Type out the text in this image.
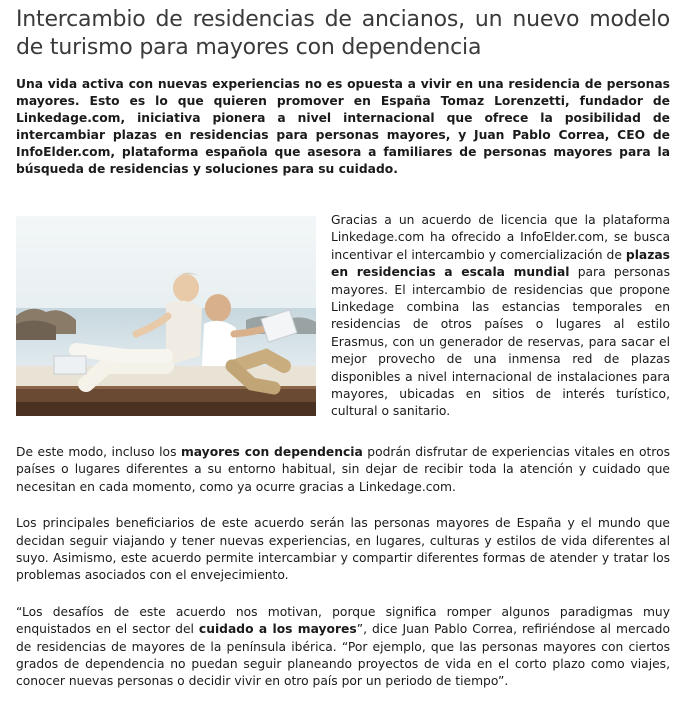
Intercambio de residencias de ancianos, un nuevo modelo de turismo para mayores con dependencia

Una vida activa con nuevas experiencias no es opuesta a vivir en una residencia de personas mayores. Esto es lo que quieren promover en España Tomaz Lorenzetti, fundador de Linkedage.com, iniciativa pionera a nivel internacional que ofrece la posibilidad de intercambiar plazas en residencias para personas mayores, y Juan Pablo Correa, CEO de InfoElder.com, plataforma española que asesora a familiares de personas mayores para la búsqueda de residencias y soluciones para su cuidado.

Gracias a un acuerdo de licencia que la plataforma Linkedage.com ha ofrecido a InfoElder.com, se busca incentivar el intercambio y comercialización de plazas en residencias a escala mundial para personas mayores. El intercambio de residencias que propone Linkedage combina las estancias temporales en residencias de otros países o lugares al estilo Erasmus, con un generador de reservas, para sacar el mejor provecho de una inmensa red de plazas disponibles a nivel internacional de instalaciones para mayores, ubicadas en sitios de interés turístico, cultural o sanitario.

De este modo, incluso los mayores con dependencia podrán disfrutar de experiencias vitales en otros países o lugares diferentes a su entorno habitual, sin dejar de recibir toda la atención y cuidado que necesitan en cada momento, como ya ocurre gracias a Linkedage.com.

Los principales beneficiarios de este acuerdo serán las personas mayores de España y el mundo que decidan seguir viajando y tener nuevas experiencias, en lugares, culturas y estilos de vida diferentes al suyo. Asimismo, este acuerdo permite intercambiar y compartir diferentes formas de atender y tratar los problemas asociados con el envejecimiento.

“Los desafíos de este acuerdo nos motivan, porque significa romper algunos paradigmas muy enquistados en el sector del cuidado a los mayores”, dice Juan Pablo Correa, refiriéndose al mercado de residencias de mayores de la península ibérica. “Por ejemplo, que las personas mayores con ciertos grados de dependencia no puedan seguir planeando proyectos de vida en el corto plazo como viajes, conocer nuevas personas o decidir vivir en otro país por un periodo de tiempo”.
